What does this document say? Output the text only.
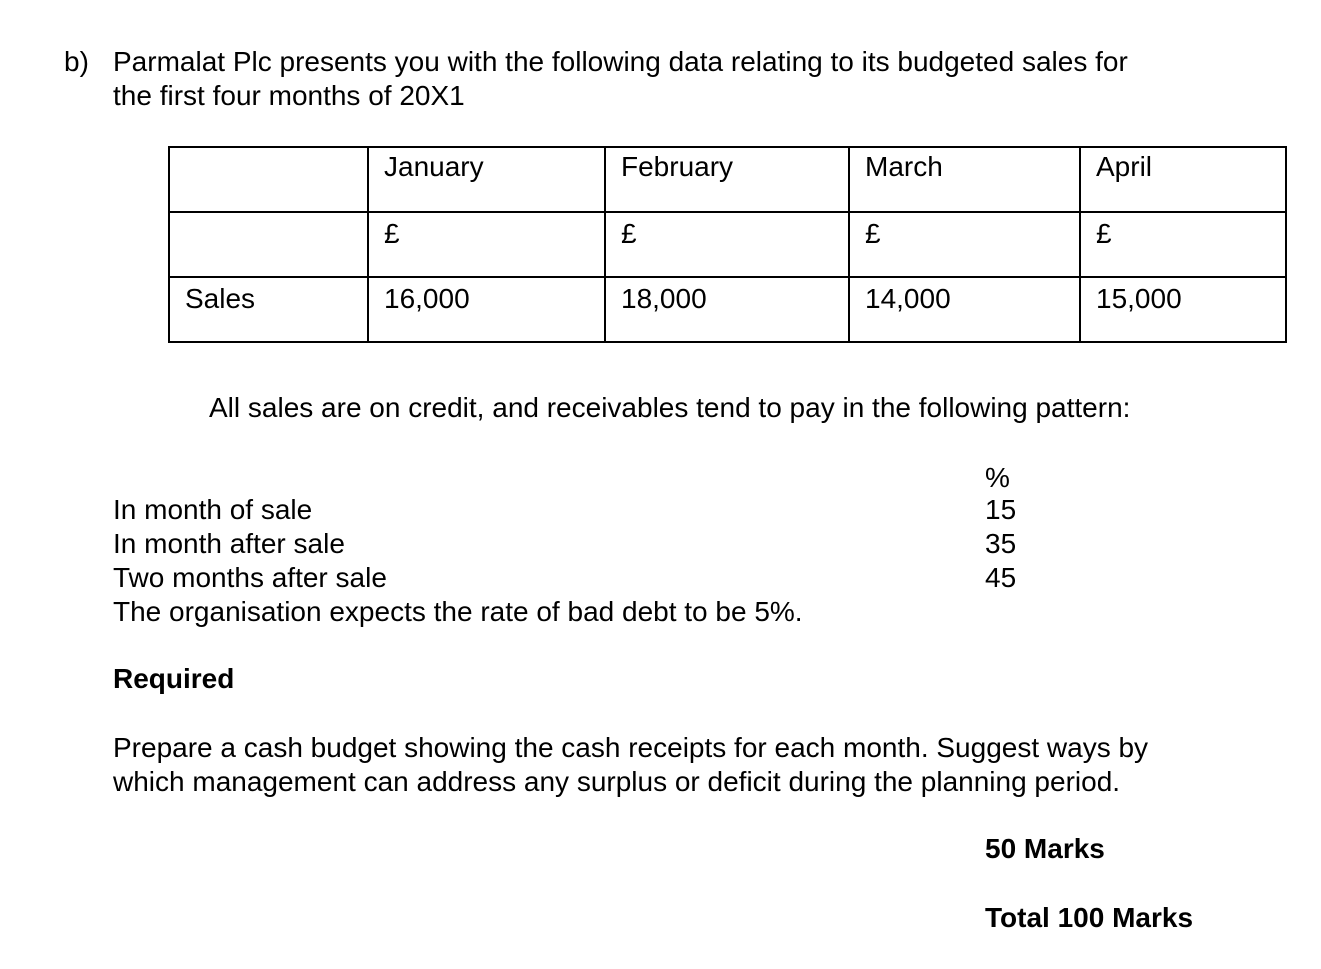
b) Parmalat Plc presents you with the following data relating to its budgeted sales for
the first four months of 20X1
	January	February	March	April
	£	£	£	£
Sales	16,000	18,000	14,000	15,000
All sales are on credit, and receivables tend to pay in the following pattern:
%
In month of sale	15
In month after sale	35
Two months after sale	45
The organisation expects the rate of bad debt to be 5%.
Required
Prepare a cash budget showing the cash receipts for each month. Suggest ways by
which management can address any surplus or deficit during the planning period.
50 Marks
Total 100 Marks
